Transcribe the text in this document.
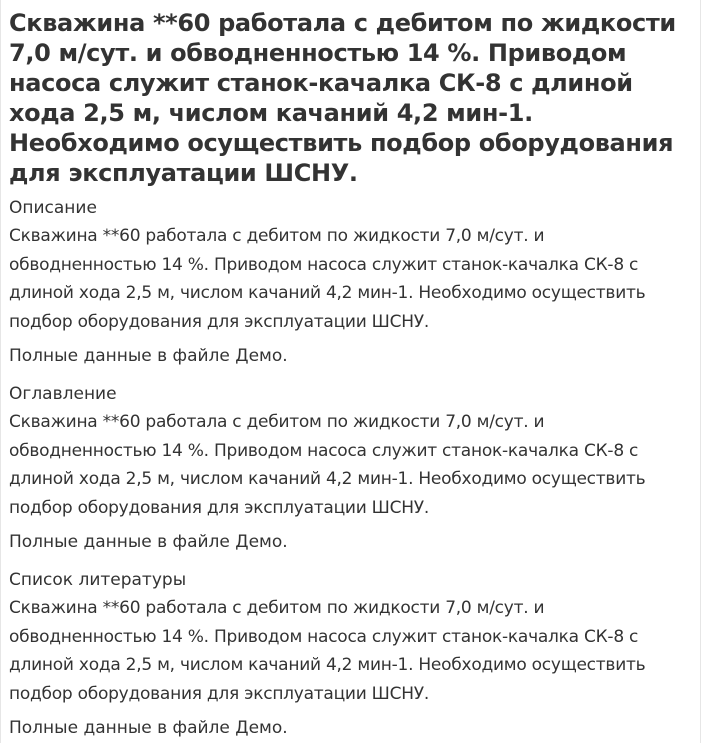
Скважина **60 работала с дебитом по жидкости 7,0 м/сут. и обводненностью 14 %. Приводом насоса служит станок-качалка СК-8 с длиной хода 2,5 м, числом качаний 4,2 мин-1. Необходимо осуществить подбор оборудования для эксплуатации ШСНУ.
Описание

Скважина **60 работала с дебитом по жидкости 7,0 м/сут. и обводненностью 14 %. Приводом насоса служит станок-качалка СК-8 с длиной хода 2,5 м, числом качаний 4,2 мин-1. Необходимо осуществить подбор оборудования для эксплуатации ШСНУ.

Полные данные в файле Демо.

Оглавление

Скважина **60 работала с дебитом по жидкости 7,0 м/сут. и обводненностью 14 %. Приводом насоса служит станок-качалка СК-8 с длиной хода 2,5 м, числом качаний 4,2 мин-1. Необходимо осуществить подбор оборудования для эксплуатации ШСНУ.

Полные данные в файле Демо.

Список литературы

Скважина **60 работала с дебитом по жидкости 7,0 м/сут. и обводненностью 14 %. Приводом насоса служит станок-качалка СК-8 с длиной хода 2,5 м, числом качаний 4,2 мин-1. Необходимо осуществить подбор оборудования для эксплуатации ШСНУ.

Полные данные в файле Демо.
